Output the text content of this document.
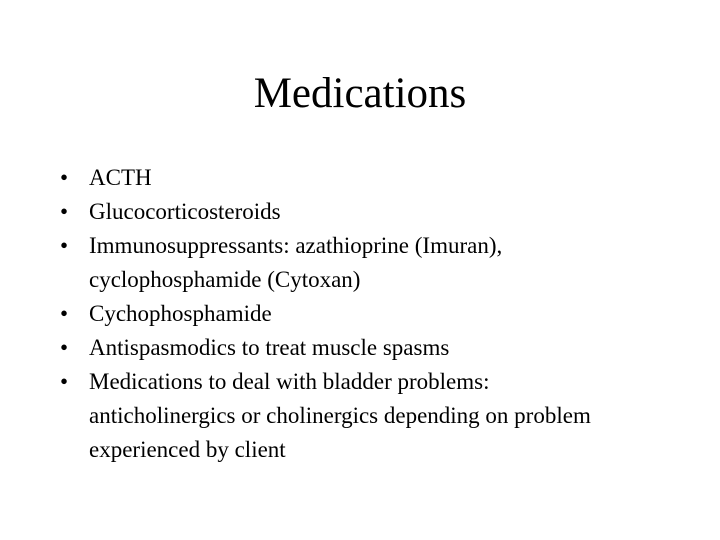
Medications
• ACTH
• Glucocorticosteroids
• Immunosuppressants: azathioprine (Imuran),
cyclophosphamide (Cytoxan)
• Cychophosphamide
• Antispasmodics to treat muscle spasms
• Medications to deal with bladder problems:
anticholinergics or cholinergics depending on problem
experienced by client
